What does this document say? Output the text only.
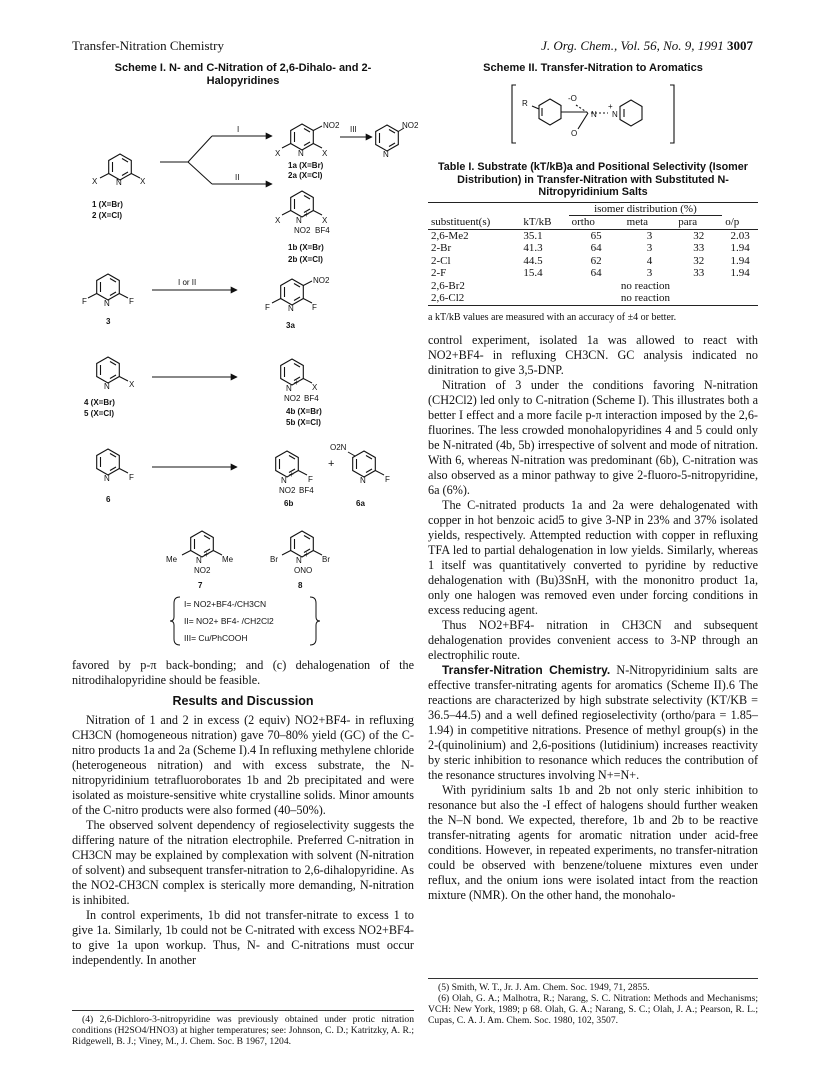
Transfer-Nitration Chemistry	J. Org. Chem., Vol. 56, No. 9, 1991 3007
Scheme I. N- and C-Nitration of 2,6-Dihalo- and 2-Halopyridines
N
X	X
1 (X=Br)
2 (X=Cl)
I
II
NO2
N
X	X
1a (X=Br)
2a (X=Cl)
III	NO2
N
N
+
X	X
NO2 BF4
1b (X=Br)
2b (X=Cl)
N
F	F
3
I or II	NO2
N
F	F
3a
N X
4 (X=Br)
5 (X=Cl)
N
+
X
NO2 BF4
4b (X=Br)
5b (X=Cl)
N F
6
N
+
F
NO2 BF4
6b
+
O2N
N F
6a
N
+
Me	Me
NO2
7
N
+
Br	Br
ONO
8
I= NO2+BF4-/CH3CN
II= NO2+ BF4- /CH2Cl2
III= Cu/PhCOOH

favored by p-π back-bonding; and (c) dehalogenation of the nitrodihalopyridine should be feasible.

Results and Discussion

Nitration of 1 and 2 in excess (2 equiv) NO2+BF4- in refluxing CH3CN (homogeneous nitration) gave 70–80% yield (GC) of the C-nitro products 1a and 2a (Scheme I).4 In refluxing methylene chloride (heterogeneous nitration) and with excess substrate, the N-nitropyridinium tetrafluoroborates 1b and 2b precipitated and were isolated as moisture-sensitive white crystalline solids. Minor amounts of the C-nitro products were also formed (40–50%).

The observed solvent dependency of regioselectivity suggests the differing nature of the nitration electrophile. Preferred C-nitration in CH3CN may be explained by complexation with solvent (N-nitration of solvent) and subsequent transfer-nitration to 2,6-dihalopyridine. As the NO2-CH3CN complex is sterically more demanding, N-nitration is inhibited.

In control experiments, 1b did not transfer-nitrate to excess 1 to give 1a. Similarly, 1b could not be C-nitrated with excess NO2+BF4- to give 1a upon workup. Thus, N- and C-nitrations must occur independently. In another

(4) 2,6-Dichloro-3-nitropyridine was previously obtained under protic nitration conditions (H2SO4/HNO3) at higher temperatures; see: Johnson, C. D.; Katritzky, A. R.; Ridgewell, B. J.; Viney, M., J. Chem. Soc. B 1967, 1204.

Scheme II. Transfer-Nitration to Aromatics
R
-O
O
N
+
N
Table I. Substrate (kT/kB)a and Positional Selectivity (Isomer Distribution) in Transfer-Nitration with Substituted N-Nitropyridinium Salts
		isomer distribution (%)			
substituent(s)	kT/kB	ortho	meta	para	o/p
2,6-Me2	35.1	65	3	32	2.03
2-Br	41.3	64	3	33	1.94
2-Cl	44.5	62	4	32	1.94
2-F	15.4	64	3	33	1.94
2,6-Br2		no reaction			
2,6-Cl2		no reaction			
a kT/kB values are measured with an accuracy of ±4 or better.

control experiment, isolated 1a was allowed to react with NO2+BF4- in refluxing CH3CN. GC analysis indicated no dinitration to give 3,5-DNP.

Nitration of 3 under the conditions favoring N-nitration (CH2Cl2) led only to C-nitration (Scheme I). This illustrates both a better I effect and a more facile p-π interaction imposed by the 2,6-fluorines. The less crowded monohalopyridines 4 and 5 could only be N-nitrated (4b, 5b) irrespective of solvent and mode of nitration. With 6, whereas N-nitration was predominant (6b), C-nitration was also observed as a minor pathway to give 2-fluoro-5-nitropyridine, 6a (6%).

The C-nitrated products 1a and 2a were dehalogenated with copper in hot benzoic acid5 to give 3-NP in 23% and 37% isolated yields, respectively. Attempted reduction with copper in refluxing TFA led to partial dehalogenation in low yields. Similarly, whereas 1 itself was quantitatively converted to pyridine by reductive dehalogenation with (Bu)3SnH, with the mononitro product 1a, only one halogen was removed even under forcing conditions in excess reducing agent.

Thus NO2+BF4- nitration in CH3CN and subsequent dehalogenation provides convenient access to 3-NP through an electrophilic route.

Transfer-Nitration Chemistry. N-Nitropyridinium salts are effective transfer-nitrating agents for aromatics (Scheme II).6 The reactions are characterized by high substrate selectivity (KT/KB = 36.5–44.5) and a well defined regioselectivity (ortho/para = 1.85–1.94) in competitive nitrations. Presence of methyl group(s) in the 2-(quinolinium) and 2,6-positions (lutidinium) increases reactivity by steric inhibition to resonance which reduces the contribution of the resonance structures involving N+=N+.

With pyridinium salts 1b and 2b not only steric inhibition to resonance but also the -I effect of halogens should further weaken the N–N bond. We expected, therefore, 1b and 2b to be reactive transfer-nitrating agents for aromatic nitration under acid-free conditions. However, in repeated experiments, no transfer-nitration could be observed with benzene/toluene mixtures even under reflux, and the onium ions were isolated intact from the reaction mixture (NMR). On the other hand, the monohalo-

(5) Smith, W. T., Jr. J. Am. Chem. Soc. 1949, 71, 2855.

(6) Olah, G. A.; Malhotra, R.; Narang, S. C. Nitration: Methods and Mechanisms; VCH: New York, 1989; p 68. Olah, G. A.; Narang, S. C.; Olah, J. A.; Pearson, R. L.; Cupas, C. A. J. Am. Chem. Soc. 1980, 102, 3507.
